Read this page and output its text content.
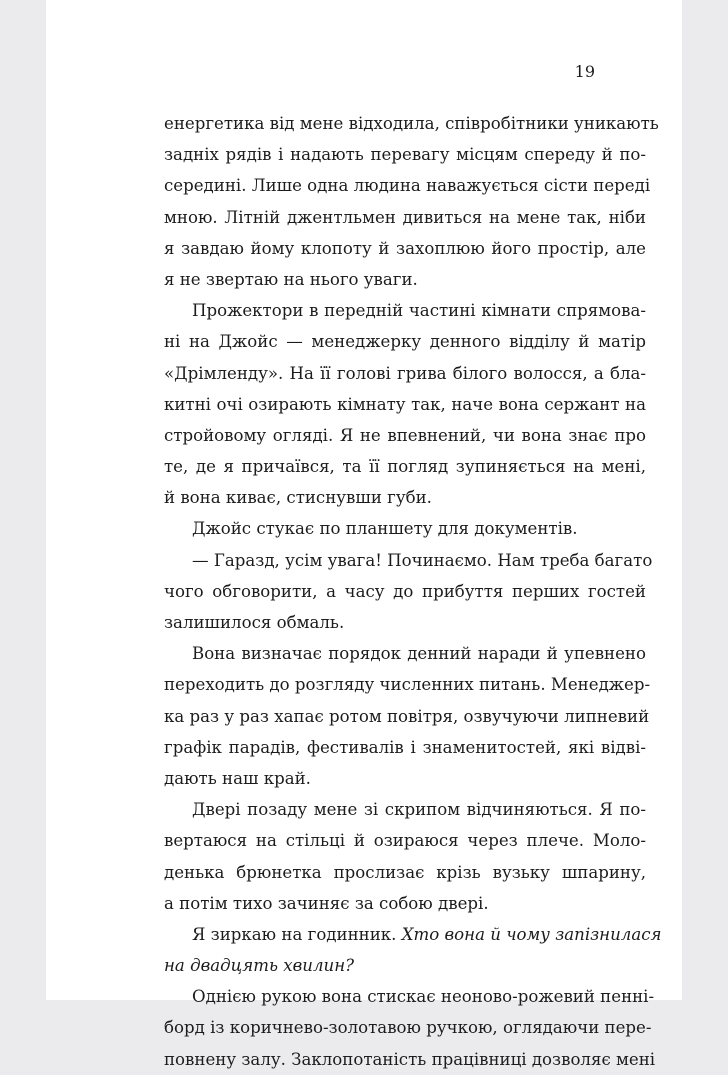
19
енергетика від мене відходила, співробітники уникають
задніх рядів і надають перевагу місцям спереду й по-
середині. Лише одна людина наважується сісти переді
мною. Літній джентльмен дивиться на мене так, ніби
я завдаю йому клопоту й захоплюю його простір, але
я не звертаю на нього уваги.
Прожектори в передній частині кімнати спрямова-
ні на Джойс — менеджерку денного відділу й матір
«Дрімленду». На її голові грива білого волосся, а бла-
китні очі озирають кімнату так, наче вона сержант на
стройовому огляді. Я не впевнений, чи вона знає про
те, де я причаївся, та її погляд зупиняється на мені,
й вона киває, стиснувши губи.
Джойс стукає по планшету для документів.
— Гаразд, усім увага! Починаємо. Нам треба багато
чого обговорити, а часу до прибуття перших гостей
залишилося обмаль.
Вона визначає порядок денний наради й упевнено
переходить до розгляду численних питань. Менеджер-
ка раз у раз хапає ротом повітря, озвучуючи липневий
графік парадів, фестивалів і знаменитостей, які відві-
дають наш край.
Двері позаду мене зі скрипом відчиняються. Я по-
вертаюся на стільці й озираюся через плече. Моло-
денька брюнетка прослизає крізь вузьку шпарину,
а потім тихо зачиняє за собою двері.
Я зиркаю на годинник. Хто вона й чому запізнилася
на двадцять хвилин?
Однією рукою вона стискає неоново-рожевий пенні-
борд із коричнево-золотавою ручкою, оглядаючи пере-
повнену залу. Заклопотаність працівниці дозволяє мені
